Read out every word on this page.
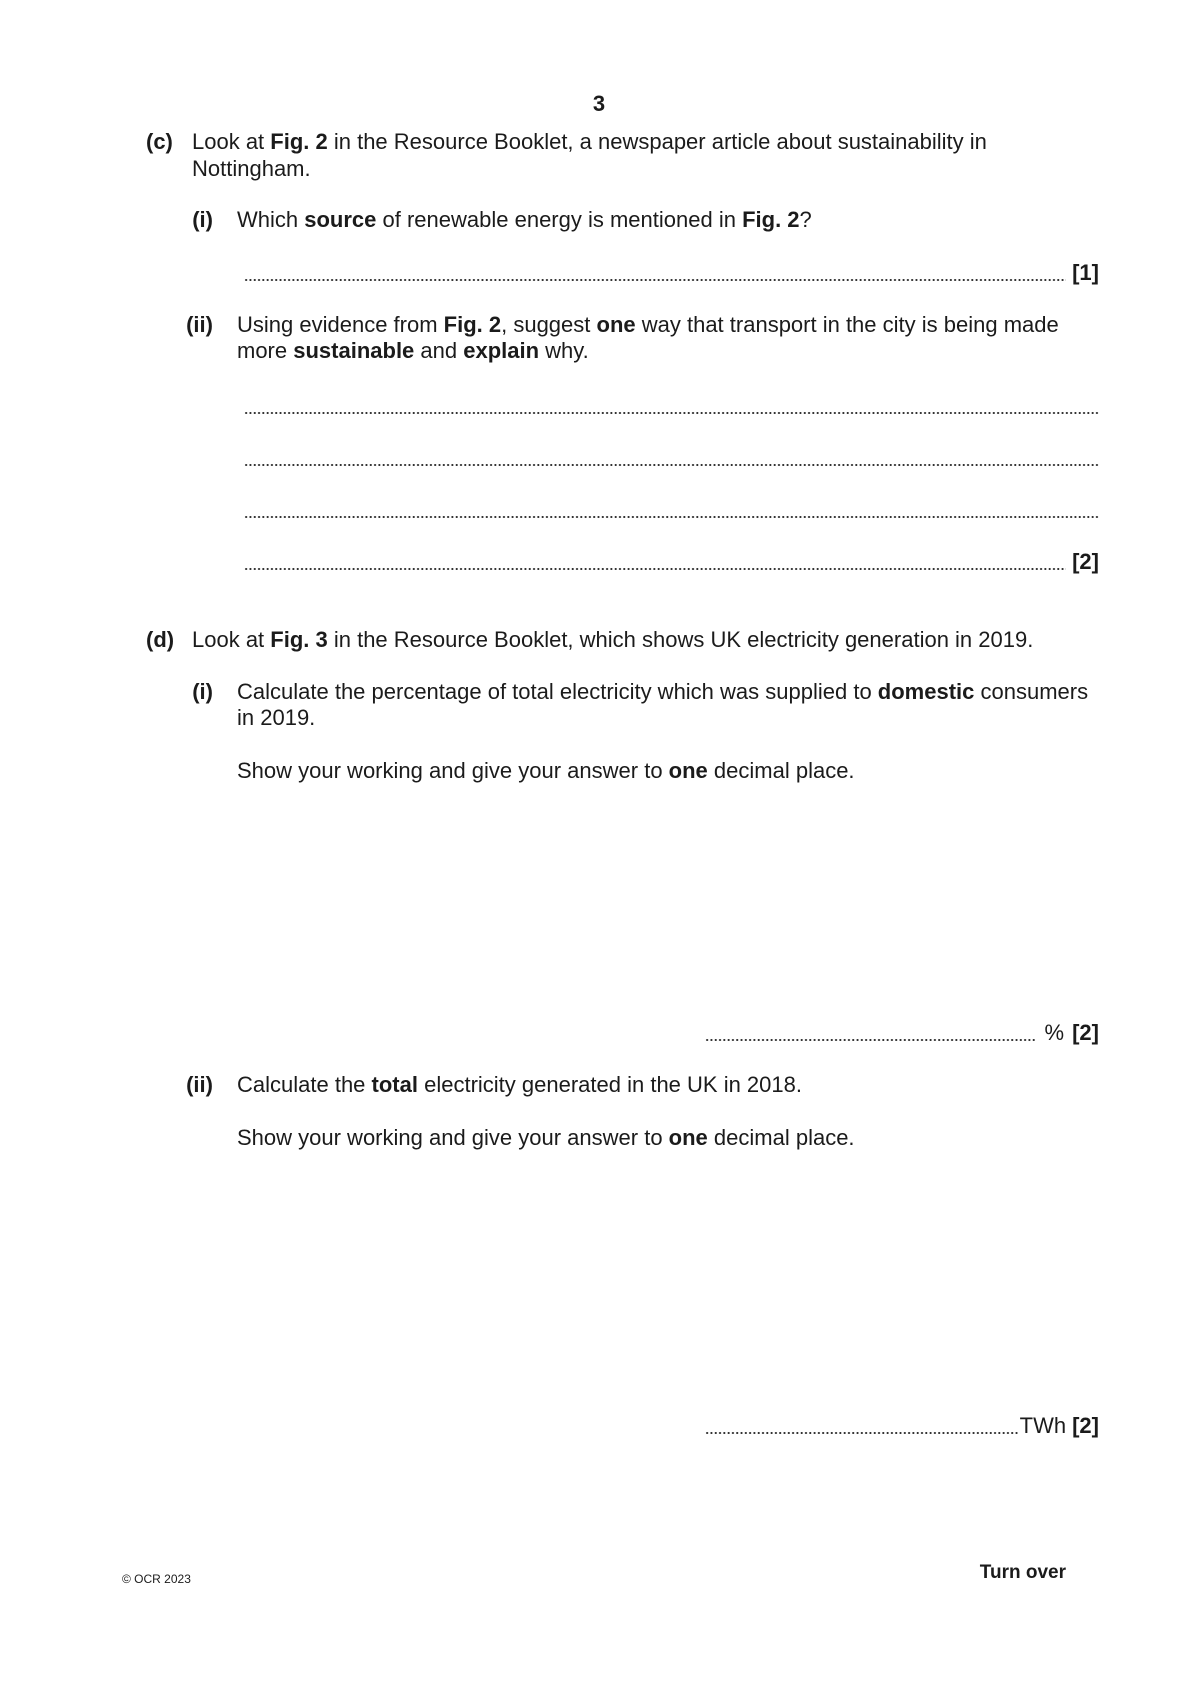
3
(c) Look at Fig. 2 in the Resource Booklet, a newspaper article about sustainability in
Nottingham.
(i) Which source of renewable energy is mentioned in Fig. 2?
[1]
(ii) Using evidence from Fig. 2, suggest one way that transport in the city is being made
more sustainable and explain why.
[2]
(d) Look at Fig. 3 in the Resource Booklet, which shows UK electricity generation in 2019.
(i) Calculate the percentage of total electricity which was supplied to domestic consumers
in 2019.
Show your working and give your answer to one decimal place.
% [2]
(ii) Calculate the total electricity generated in the UK in 2018.
Show your working and give your answer to one decimal place.
TWh [2]
© OCR 2023	Turn over
